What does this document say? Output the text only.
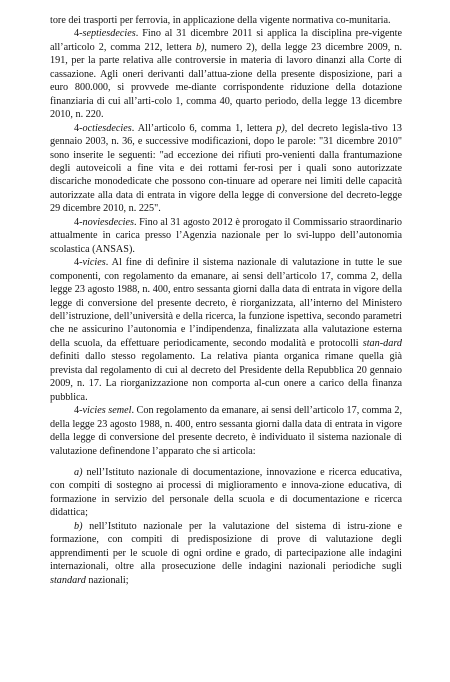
tore dei trasporti per ferrovia, in applicazione della vigente normativa co-munitaria.

4-septiesdecies. Fino al 31 dicembre 2011 si applica la disciplina pre-vigente all’articolo 2, comma 212, lettera b), numero 2), della legge 23 dicembre 2009, n. 191, per la parte relativa alle controversie in materia di lavoro dinanzi alla Corte di cassazione. Agli oneri derivanti dall’attua-zione della presente disposizione, pari a euro 800.000, si provvede me-diante corrispondente riduzione della dotazione finanziaria di cui all’arti-colo 1, comma 40, quarto periodo, della legge 13 dicembre 2010, n. 220.

4-octiesdecies. All’articolo 6, comma 1, lettera p), del decreto legisla-tivo 13 gennaio 2003, n. 36, e successive modificazioni, dopo le parole: "31 dicembre 2010" sono inserite le seguenti: "ad eccezione dei rifiuti pro-venienti dalla frantumazione degli autoveicoli a fine vita e dei rottami fer-rosi per i quali sono autorizzate discariche monodedicate che possono con-tinuare ad operare nei limiti delle capacità autorizzate alla data di entrata in vigore della legge di conversione del decreto-legge 29 dicembre 2010, n. 225".

4-noviesdecies. Fino al 31 agosto 2012 è prorogato il Commissario straordinario attualmente in carica presso l’Agenzia nazionale per lo svi-luppo dell’autonomia scolastica (ANSAS).

4-vicies. Al fine di definire il sistema nazionale di valutazione in tutte le sue componenti, con regolamento da emanare, ai sensi dell’articolo 17, comma 2, della legge 23 agosto 1988, n. 400, entro sessanta giorni dalla data di entrata in vigore della legge di conversione del presente decreto, è riorganizzata, all’interno del Ministero dell’istruzione, dell’università e della ricerca, la funzione ispettiva, secondo parametri che ne assicurino l’autonomia e l’indipendenza, finalizzata alla valutazione esterna della scuola, da effettuare periodicamente, secondo modalità e protocolli stan-dard definiti dallo stesso regolamento. La relativa pianta organica rimane quella già prevista dal regolamento di cui al decreto del Presidente della Repubblica 20 gennaio 2009, n. 17. La riorganizzazione non comporta al-cun onere a carico della finanza pubblica.

4-vicies semel. Con regolamento da emanare, ai sensi dell’articolo 17, comma 2, della legge 23 agosto 1988, n. 400, entro sessanta giorni dalla data di entrata in vigore della legge di conversione del presente decreto, è individuato il sistema nazionale di valutazione definendone l’apparato che si articola:

a) nell’Istituto nazionale di documentazione, innovazione e ricerca educativa, con compiti di sostegno ai processi di miglioramento e innova-zione educativa, di formazione in servizio del personale della scuola e di documentazione e ricerca didattica;

b) nell’Istituto nazionale per la valutazione del sistema di istru-zione e formazione, con compiti di predisposizione di prove di valutazione degli apprendimenti per le scuole di ogni ordine e grado, di partecipazione alle indagini internazionali, oltre alla prosecuzione delle indagini nazionali periodiche sugli standard nazionali;
